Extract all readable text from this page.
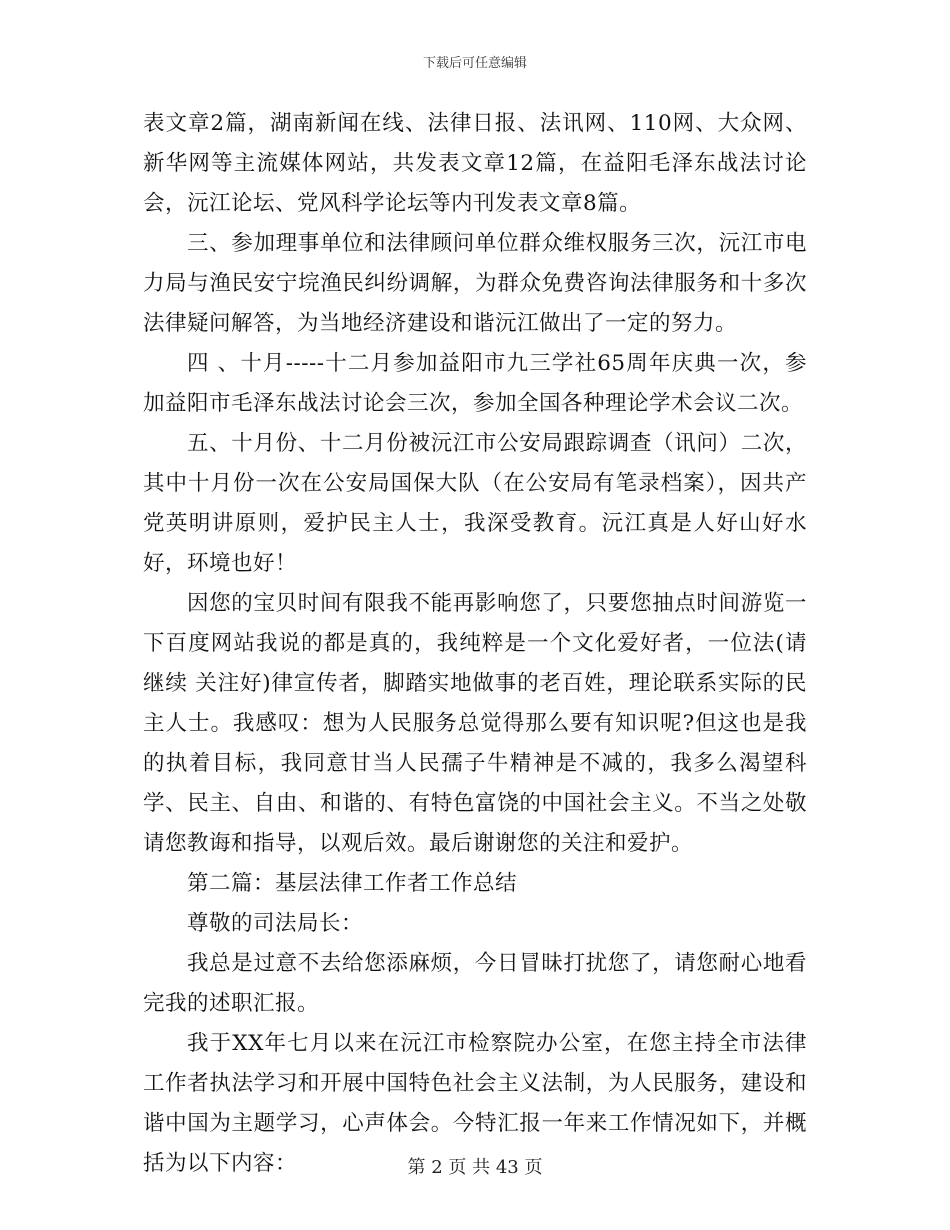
下载后可任意编辑

表文章2篇，湖南新闻在线、法律日报、法讯网、110网、大众网、新华网等主流媒体网站，共发表文章12篇，在益阳毛泽东战法讨论会，沅江论坛、党风科学论坛等内刊发表文章8篇。

三、参加理事单位和法律顾问单位群众维权服务三次，沅江市电力局与渔民安宁垸渔民纠纷调解，为群众免费咨询法律服务和十多次法律疑问解答，为当地经济建设和谐沅江做出了一定的努力。

四 、十月-----十二月参加益阳市九三学社65周年庆典一次，参加益阳市毛泽东战法讨论会三次，参加全国各种理论学术会议二次。

五、十月份、十二月份被沅江市公安局跟踪调查（讯问）二次，其中十月份一次在公安局国保大队（在公安局有笔录档案），因共产党英明讲原则，爱护民主人士，我深受教育。沅江真是人好山好水好，环境也好！

因您的宝贝时间有限我不能再影响您了，只要您抽点时间游览一下百度网站我说的都是真的，我纯粹是一个文化爱好者，一位法(请继续 关注好)律宣传者，脚踏实地做事的老百姓，理论联系实际的民主人士。我感叹：想为人民服务总觉得那么要有知识呢?但这也是我的执着目标，我同意甘当人民孺子牛精神是不减的，我多么渴望科学、民主、自由、和谐的、有特色富饶的中国社会主义。不当之处敬请您教诲和指导，以观后效。最后谢谢您的关注和爱护。

第二篇：基层法律工作者工作总结

尊敬的司法局长：

我总是过意不去给您添麻烦，今日冒昧打扰您了，请您耐心地看完我的述职汇报。

我于XX年七月以来在沅江市检察院办公室，在您主持全市法律工作者执法学习和开展中国特色社会主义法制，为人民服务，建设和谐中国为主题学习，心声体会。今特汇报一年来工作情况如下，并概括为以下内容：	第 2 页 共 43 页
